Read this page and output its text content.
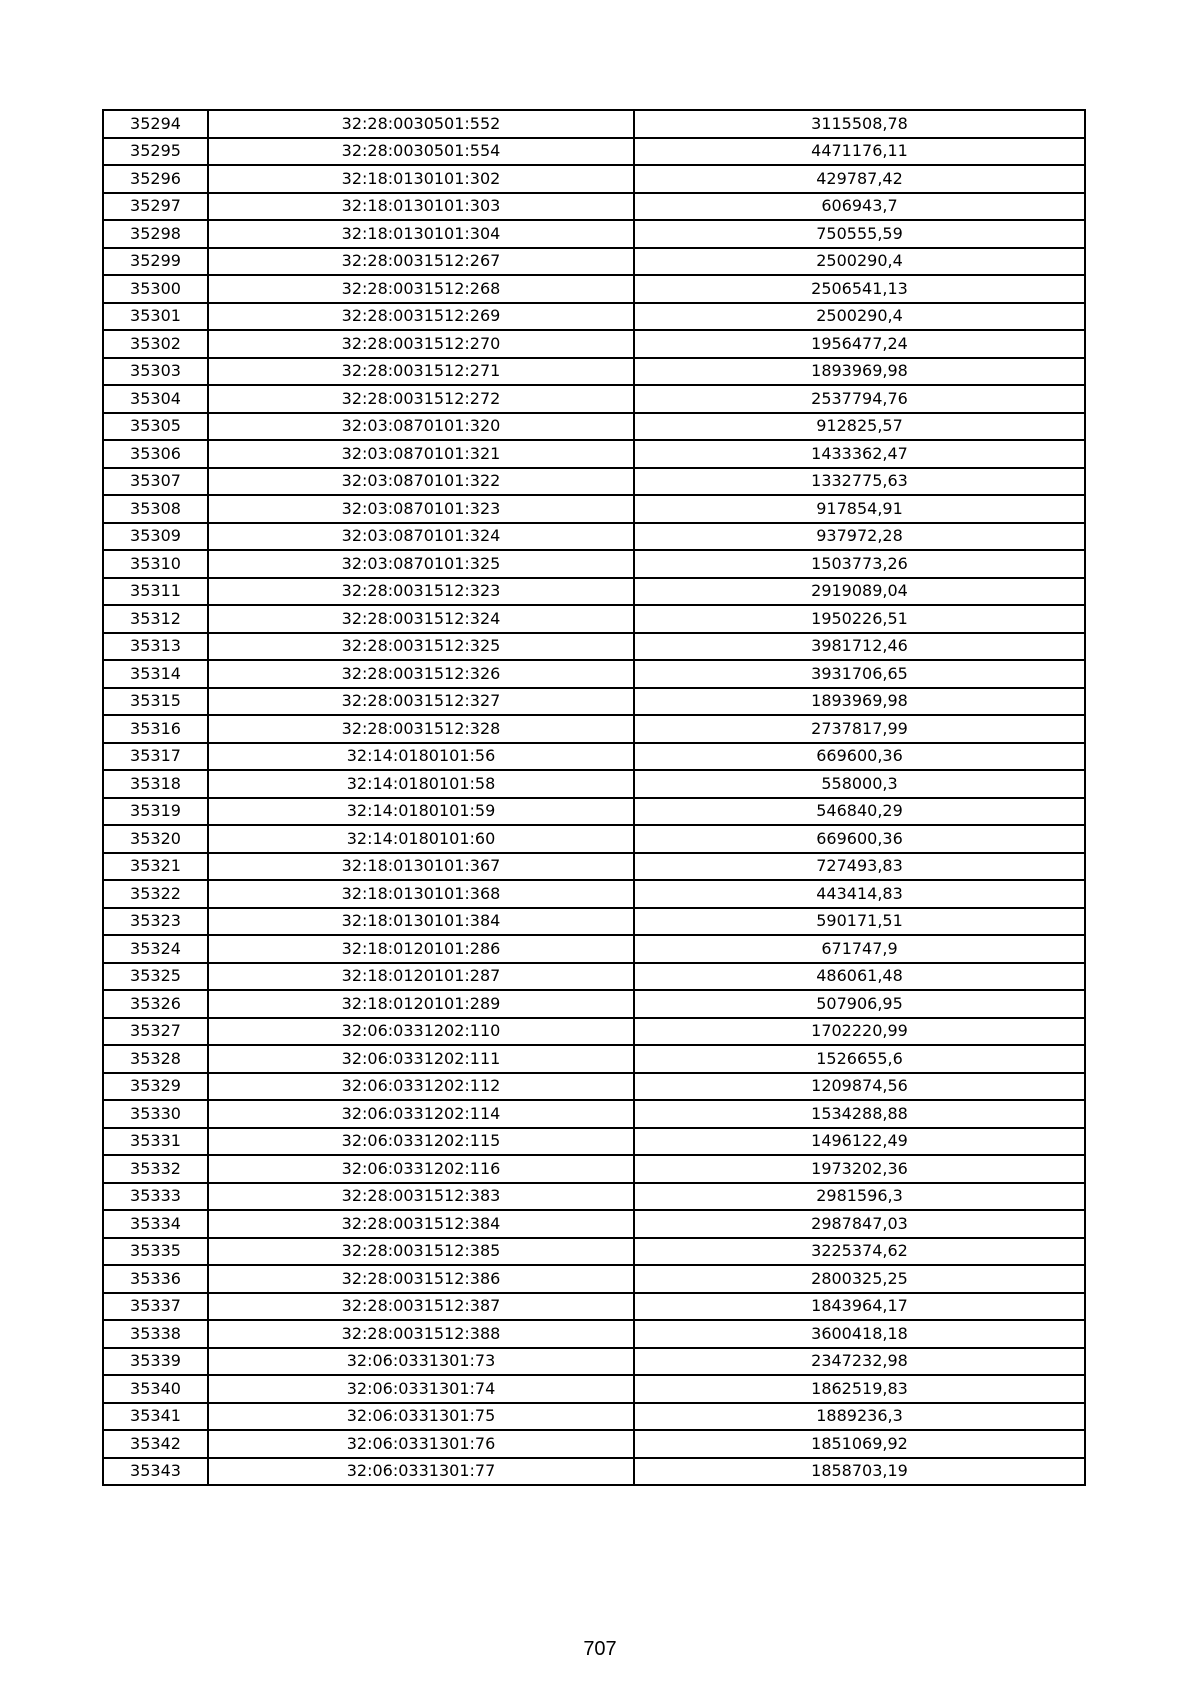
35294	32:28:0030501:552	3115508,78
35295	32:28:0030501:554	4471176,11
35296	32:18:0130101:302	429787,42
35297	32:18:0130101:303	606943,7
35298	32:18:0130101:304	750555,59
35299	32:28:0031512:267	2500290,4
35300	32:28:0031512:268	2506541,13
35301	32:28:0031512:269	2500290,4
35302	32:28:0031512:270	1956477,24
35303	32:28:0031512:271	1893969,98
35304	32:28:0031512:272	2537794,76
35305	32:03:0870101:320	912825,57
35306	32:03:0870101:321	1433362,47
35307	32:03:0870101:322	1332775,63
35308	32:03:0870101:323	917854,91
35309	32:03:0870101:324	937972,28
35310	32:03:0870101:325	1503773,26
35311	32:28:0031512:323	2919089,04
35312	32:28:0031512:324	1950226,51
35313	32:28:0031512:325	3981712,46
35314	32:28:0031512:326	3931706,65
35315	32:28:0031512:327	1893969,98
35316	32:28:0031512:328	2737817,99
35317	32:14:0180101:56	669600,36
35318	32:14:0180101:58	558000,3
35319	32:14:0180101:59	546840,29
35320	32:14:0180101:60	669600,36
35321	32:18:0130101:367	727493,83
35322	32:18:0130101:368	443414,83
35323	32:18:0130101:384	590171,51
35324	32:18:0120101:286	671747,9
35325	32:18:0120101:287	486061,48
35326	32:18:0120101:289	507906,95
35327	32:06:0331202:110	1702220,99
35328	32:06:0331202:111	1526655,6
35329	32:06:0331202:112	1209874,56
35330	32:06:0331202:114	1534288,88
35331	32:06:0331202:115	1496122,49
35332	32:06:0331202:116	1973202,36
35333	32:28:0031512:383	2981596,3
35334	32:28:0031512:384	2987847,03
35335	32:28:0031512:385	3225374,62
35336	32:28:0031512:386	2800325,25
35337	32:28:0031512:387	1843964,17
35338	32:28:0031512:388	3600418,18
35339	32:06:0331301:73	2347232,98
35340	32:06:0331301:74	1862519,83
35341	32:06:0331301:75	1889236,3
35342	32:06:0331301:76	1851069,92
35343	32:06:0331301:77	1858703,19
707
